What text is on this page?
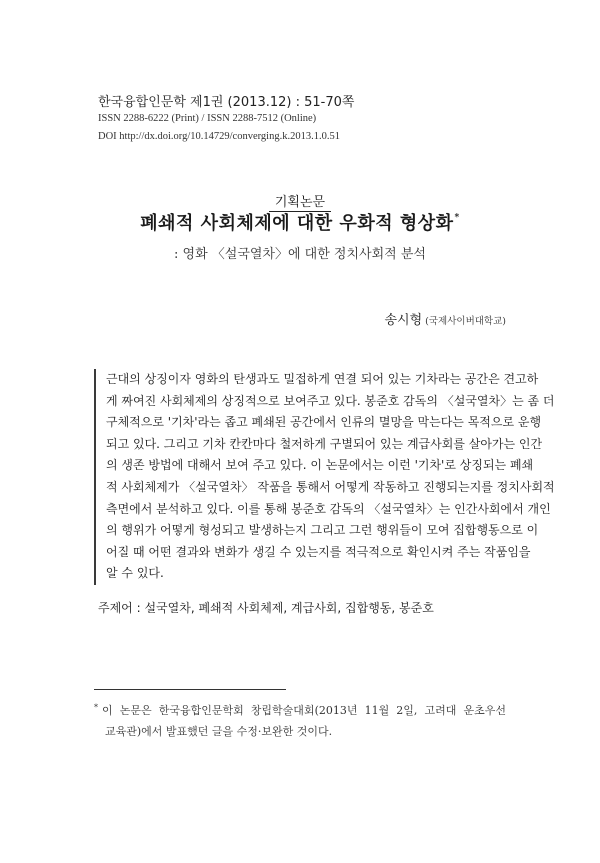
한국융합인문학 제1권 (2013.12) : 51-70쪽
ISSN 2288-6222 (Print) / ISSN 2288-7512 (Online)
DOI http://dx.doi.org/10.14729/converging.k.2013.1.0.51
기획논문
폐쇄적 사회체제에 대한 우화적 형상화*
: 영화 〈설국열차〉에 대한 정치사회적 분석
송시형 (국제사이버대학교)
근대의 상징이자 영화의 탄생과도 밀접하게 연결 되어 있는 기차라는 공간은 견고하
게 짜여진 사회체제의 상징적으로 보여주고 있다. 봉준호 감독의 〈설국열차〉는 좀 더
구체적으로 '기차'라는 좁고 폐쇄된 공간에서 인류의 멸망을 막는다는 목적으로 운행
되고 있다. 그리고 기차 칸칸마다 철저하게 구별되어 있는 계급사회를 살아가는 인간
의 생존 방법에 대해서 보여 주고 있다. 이 논문에서는 이런 '기차'로 상징되는 폐쇄
적 사회체제가 〈설국열차〉 작품을 통해서 어떻게 작동하고 진행되는지를 정치사회적
측면에서 분석하고 있다. 이를 통해 봉준호 감독의 〈설국열차〉는 인간사회에서 개인
의 행위가 어떻게 형성되고 발생하는지 그리고 그런 행위들이 모여 집합행동으로 이
어질 때 어떤 결과와 변화가 생길 수 있는지를 적극적으로 확인시켜 주는 작품임을
알 수 있다.
주제어 : 설국열차, 폐쇄적 사회체제, 계급사회, 집합행동, 봉준호
* 이 논문은 한국융합인문학회 창립학술대회(2013년 11월 2일, 고려대 운초우선
교육관)에서 발표했던 글을 수정·보완한 것이다.
